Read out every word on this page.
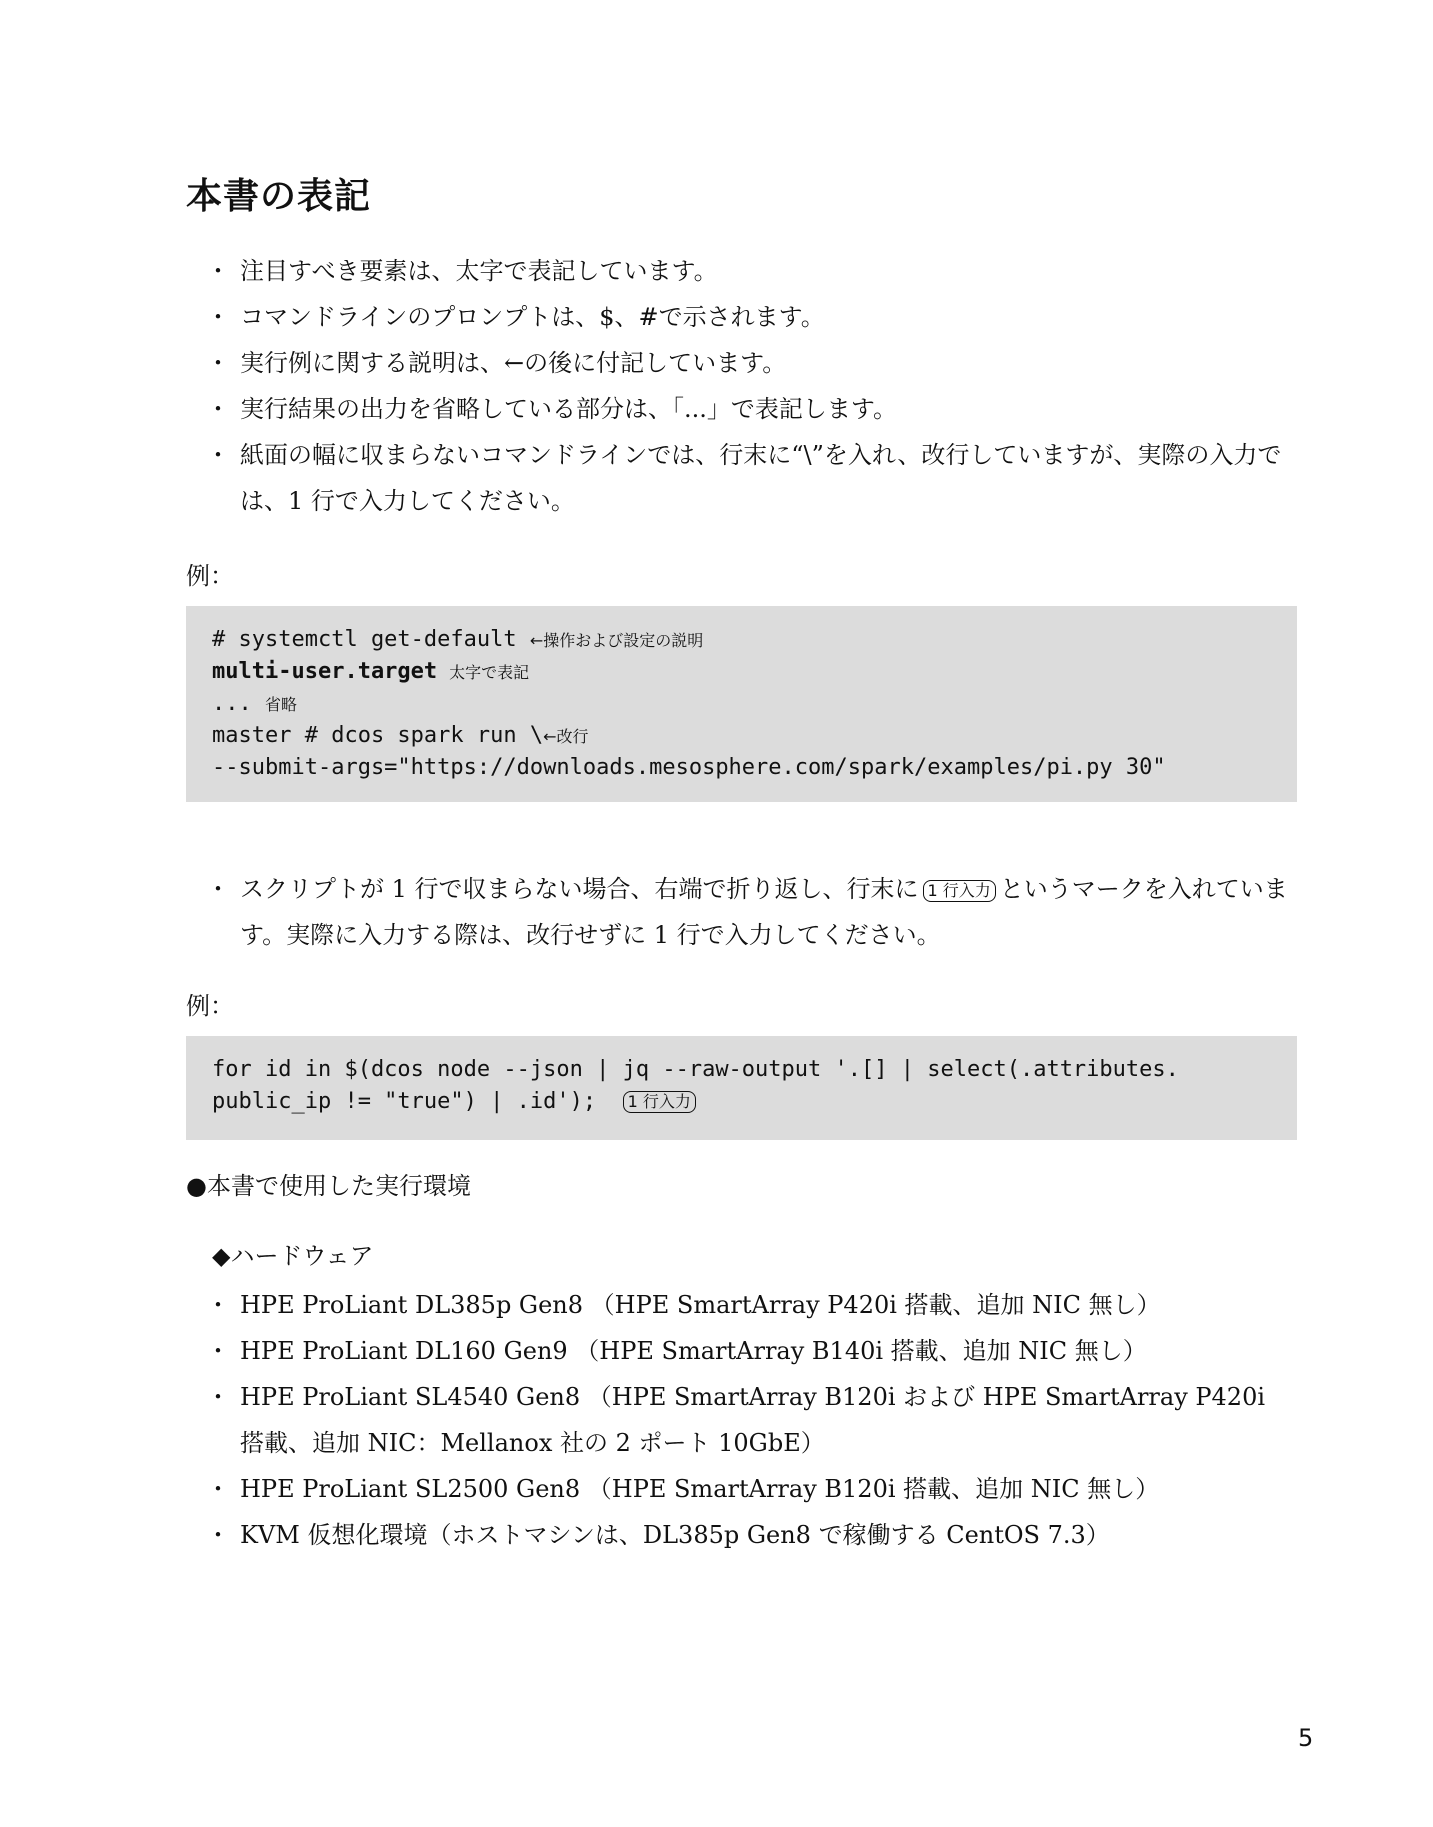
本書の表記
・ 注目すべき要素は、太字で表記しています。
・ コマンドラインのプロンプトは、$、#で示されます。
・ 実行例に関する説明は、←の後に付記しています。
・ 実行結果の出力を省略している部分は、「...」で表記します。
・ 紙面の幅に収まらないコマンドラインでは、行末に“\”を入れ、改行していますが、実際の入力では、1 行で入力してください。
例：
# systemctl get-default ←操作および設定の説明
multi-user.target 太字で表記
... 省略
master # dcos spark run \←改行
--submit-args="https://downloads.mesosphere.com/spark/examples/pi.py 30"
・ スクリプトが 1 行で収まらない場合、右端で折り返し、行末に 1 行入力 というマークを入れています。実際に入力する際は、改行せずに 1 行で入力してください。
例：
for id in $(dcos node --json | jq --raw-output '.[] | select(.attributes.
public_ip != "true") | .id');  1 行入力
●本書で使用した実行環境
◆ハードウェア
・ HPE ProLiant DL385p Gen8 （HPE SmartArray P420i 搭載、追加 NIC 無し）
・ HPE ProLiant DL160 Gen9 （HPE SmartArray B140i 搭載、追加 NIC 無し）
・ HPE ProLiant SL4540 Gen8 （HPE SmartArray B120i および HPE SmartArray P420i 搭載、追加 NIC：Mellanox 社の 2 ポート 10GbE）
・ HPE ProLiant SL2500 Gen8 （HPE SmartArray B120i 搭載、追加 NIC 無し）
・ KVM 仮想化環境（ホストマシンは、DL385p Gen8 で稼働する CentOS 7.3）
5
